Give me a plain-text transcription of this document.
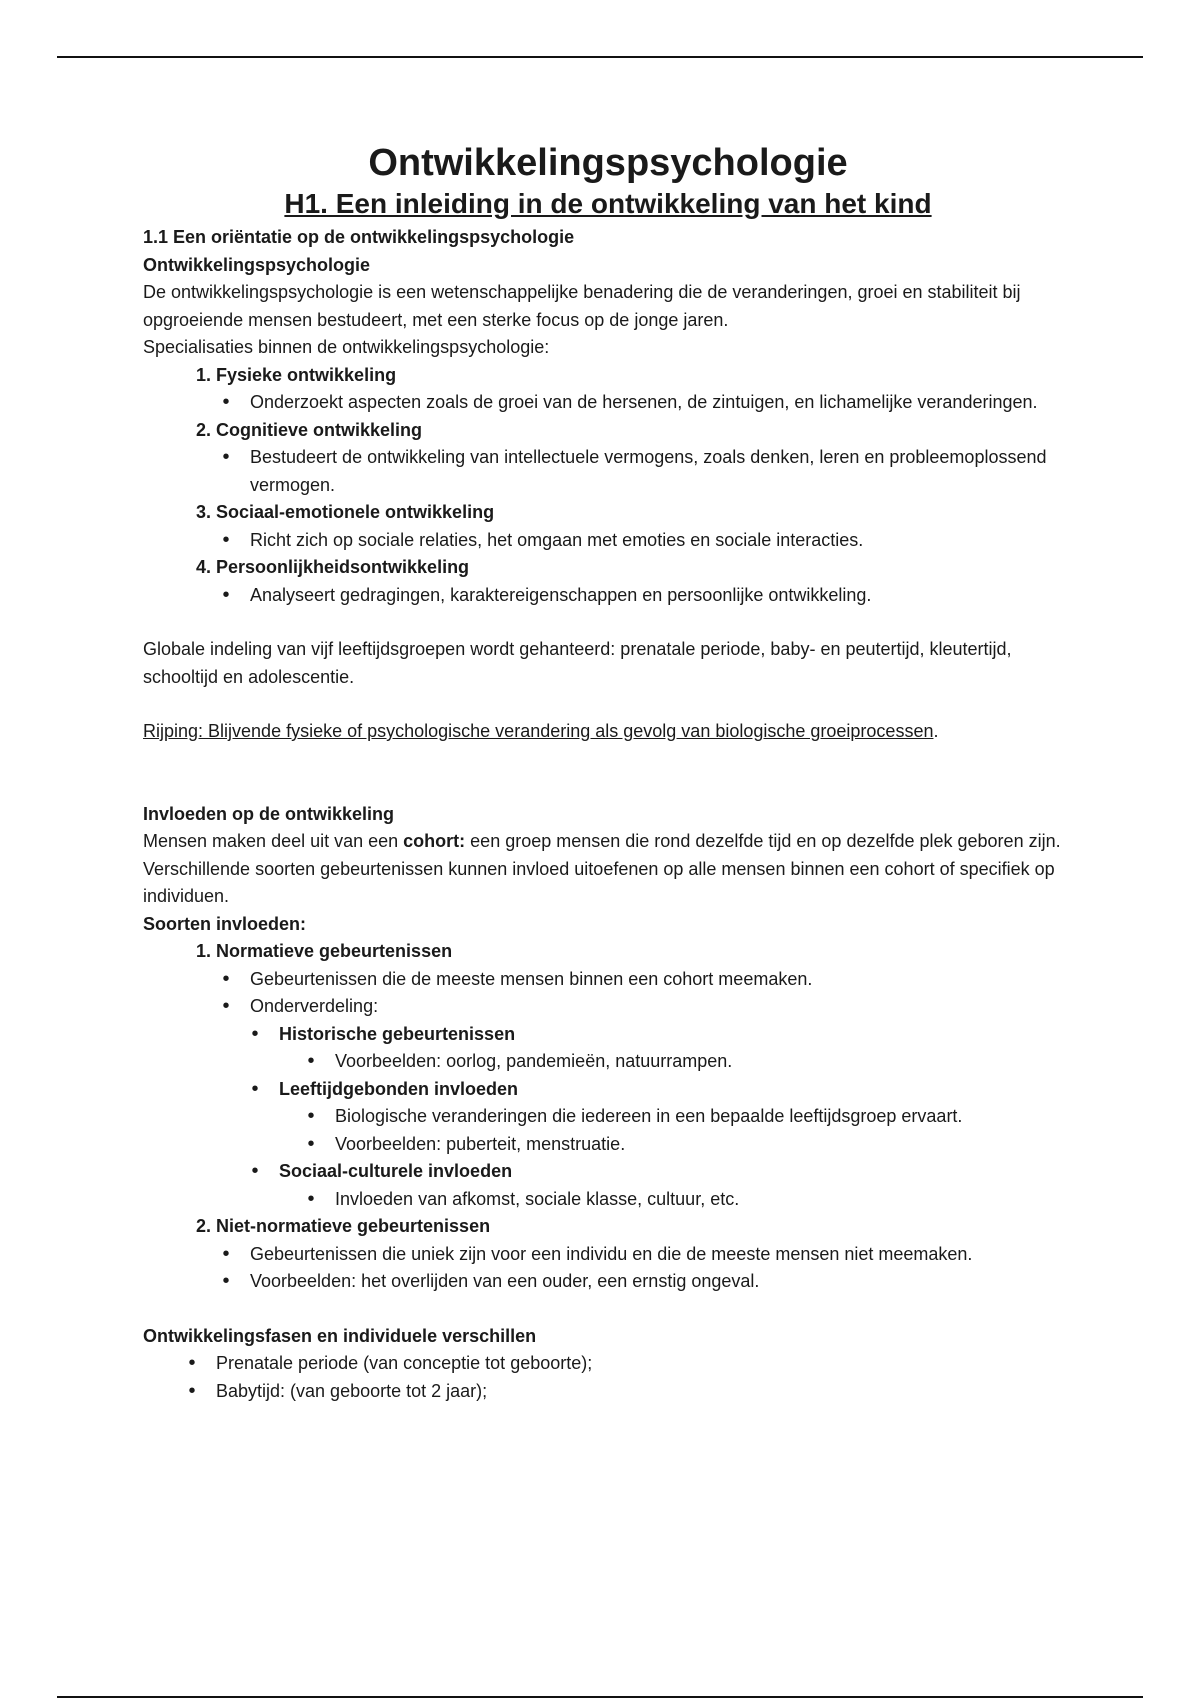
Ontwikkelingspsychologie
H1. Een inleiding in de ontwikkeling van het kind

1.1 Een oriëntatie op de ontwikkelingspsychologie

Ontwikkelingspsychologie

De ontwikkelingspsychologie is een wetenschappelijke benadering die de veranderingen, groei en stabiliteit bij opgroeiende mensen bestudeert, met een sterke focus op de jonge jaren.

Specialisaties binnen de ontwikkelingspsychologie:

1. Fysieke ontwikkeling
• Onderzoekt aspecten zoals de groei van de hersenen, de zintuigen, en lichamelijke veranderingen.
2. Cognitieve ontwikkeling
• Bestudeert de ontwikkeling van intellectuele vermogens, zoals denken, leren en probleemoplossend vermogen.
3. Sociaal-emotionele ontwikkeling
• Richt zich op sociale relaties, het omgaan met emoties en sociale interacties.
4. Persoonlijkheidsontwikkeling
• Analyseert gedragingen, karaktereigenschappen en persoonlijke ontwikkeling.

Globale indeling van vijf leeftijdsgroepen wordt gehanteerd: prenatale periode, baby- en peutertijd, kleutertijd, schooltijd en adolescentie.

Rijping: Blijvende fysieke of psychologische verandering als gevolg van biologische groeiprocessen.

Invloeden op de ontwikkeling

Mensen maken deel uit van een cohort: een groep mensen die rond dezelfde tijd en op dezelfde plek geboren zijn. Verschillende soorten gebeurtenissen kunnen invloed uitoefenen op alle mensen binnen een cohort of specifiek op individuen.

Soorten invloeden:

1. Normatieve gebeurtenissen
• Gebeurtenissen die de meeste mensen binnen een cohort meemaken.
• Onderverdeling:
• Historische gebeurtenissen
• Voorbeelden: oorlog, pandemieën, natuurrampen.
• Leeftijdgebonden invloeden
• Biologische veranderingen die iedereen in een bepaalde leeftijdsgroep ervaart.
• Voorbeelden: puberteit, menstruatie.
• Sociaal-culturele invloeden
• Invloeden van afkomst, sociale klasse, cultuur, etc.
2. Niet-normatieve gebeurtenissen
• Gebeurtenissen die uniek zijn voor een individu en die de meeste mensen niet meemaken.
• Voorbeelden: het overlijden van een ouder, een ernstig ongeval.

Ontwikkelingsfasen en individuele verschillen

• Prenatale periode (van conceptie tot geboorte);
• Babytijd: (van geboorte tot 2 jaar);
